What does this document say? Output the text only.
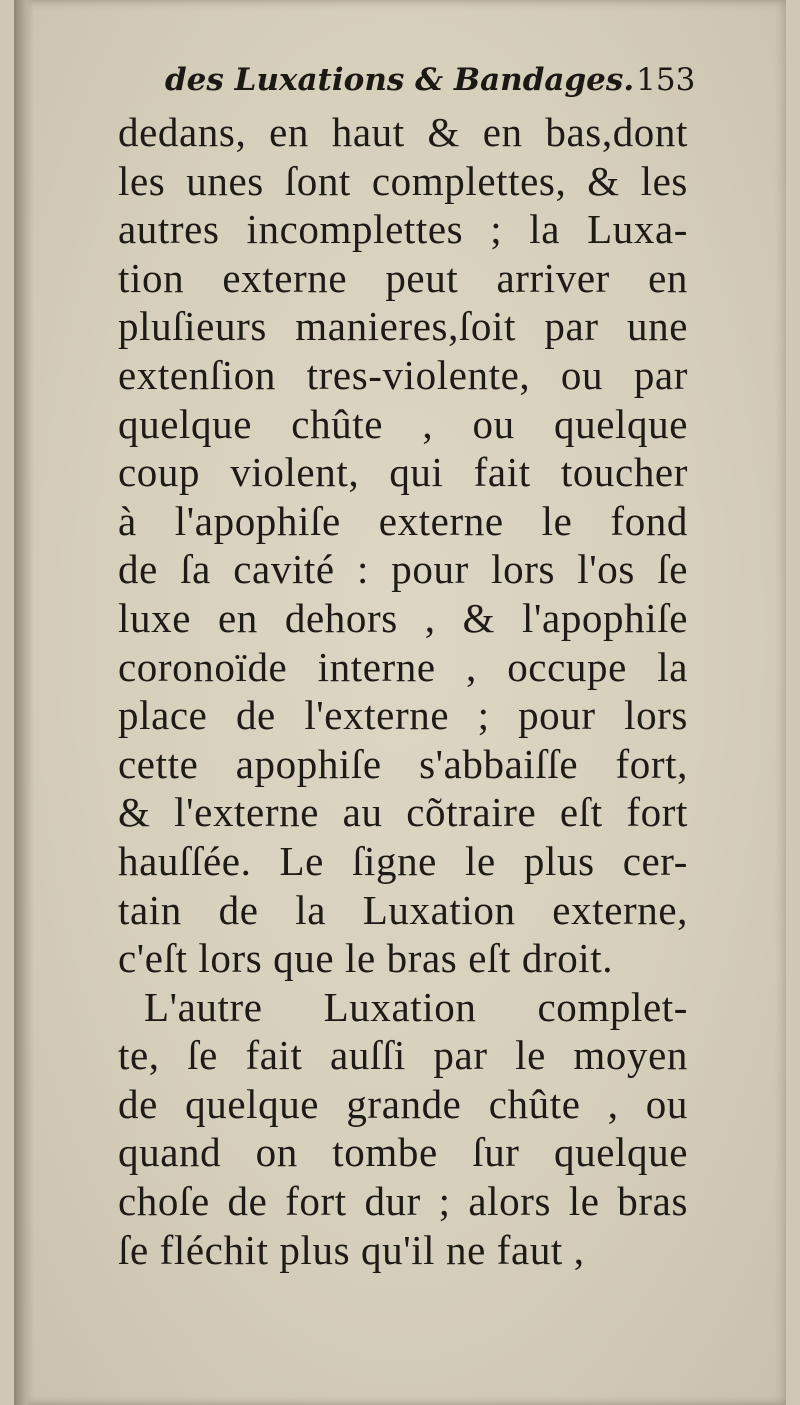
des Luxations & Bandages.153
dedans, en haut & en bas,dont
les unes ſont complettes, & les
autres incomplettes ; la Luxa-
tion externe peut arriver en
pluſieurs manieres,ſoit par une
extenſion tres-violente, ou par
quelque chûte , ou quelque
coup violent, qui fait toucher
à l'apophiſe externe le fond
de ſa cavité : pour lors l'os ſe
luxe en dehors , & l'apophiſe
coronoïde interne , occupe la
place de l'externe ; pour lors
cette apophiſe s'abbaiſſe fort,
& l'externe au cõtraire eſt fort
hauſſée. Le ſigne le plus cer-
tain de la Luxation externe,
c'eſt lors que le bras eſt droit.
L'autre Luxation complet-
te, ſe fait auſſi par le moyen
de quelque grande chûte , ou
quand on tombe ſur quelque
choſe de fort dur ; alors le bras
ſe fléchit plus qu'il ne faut ,
